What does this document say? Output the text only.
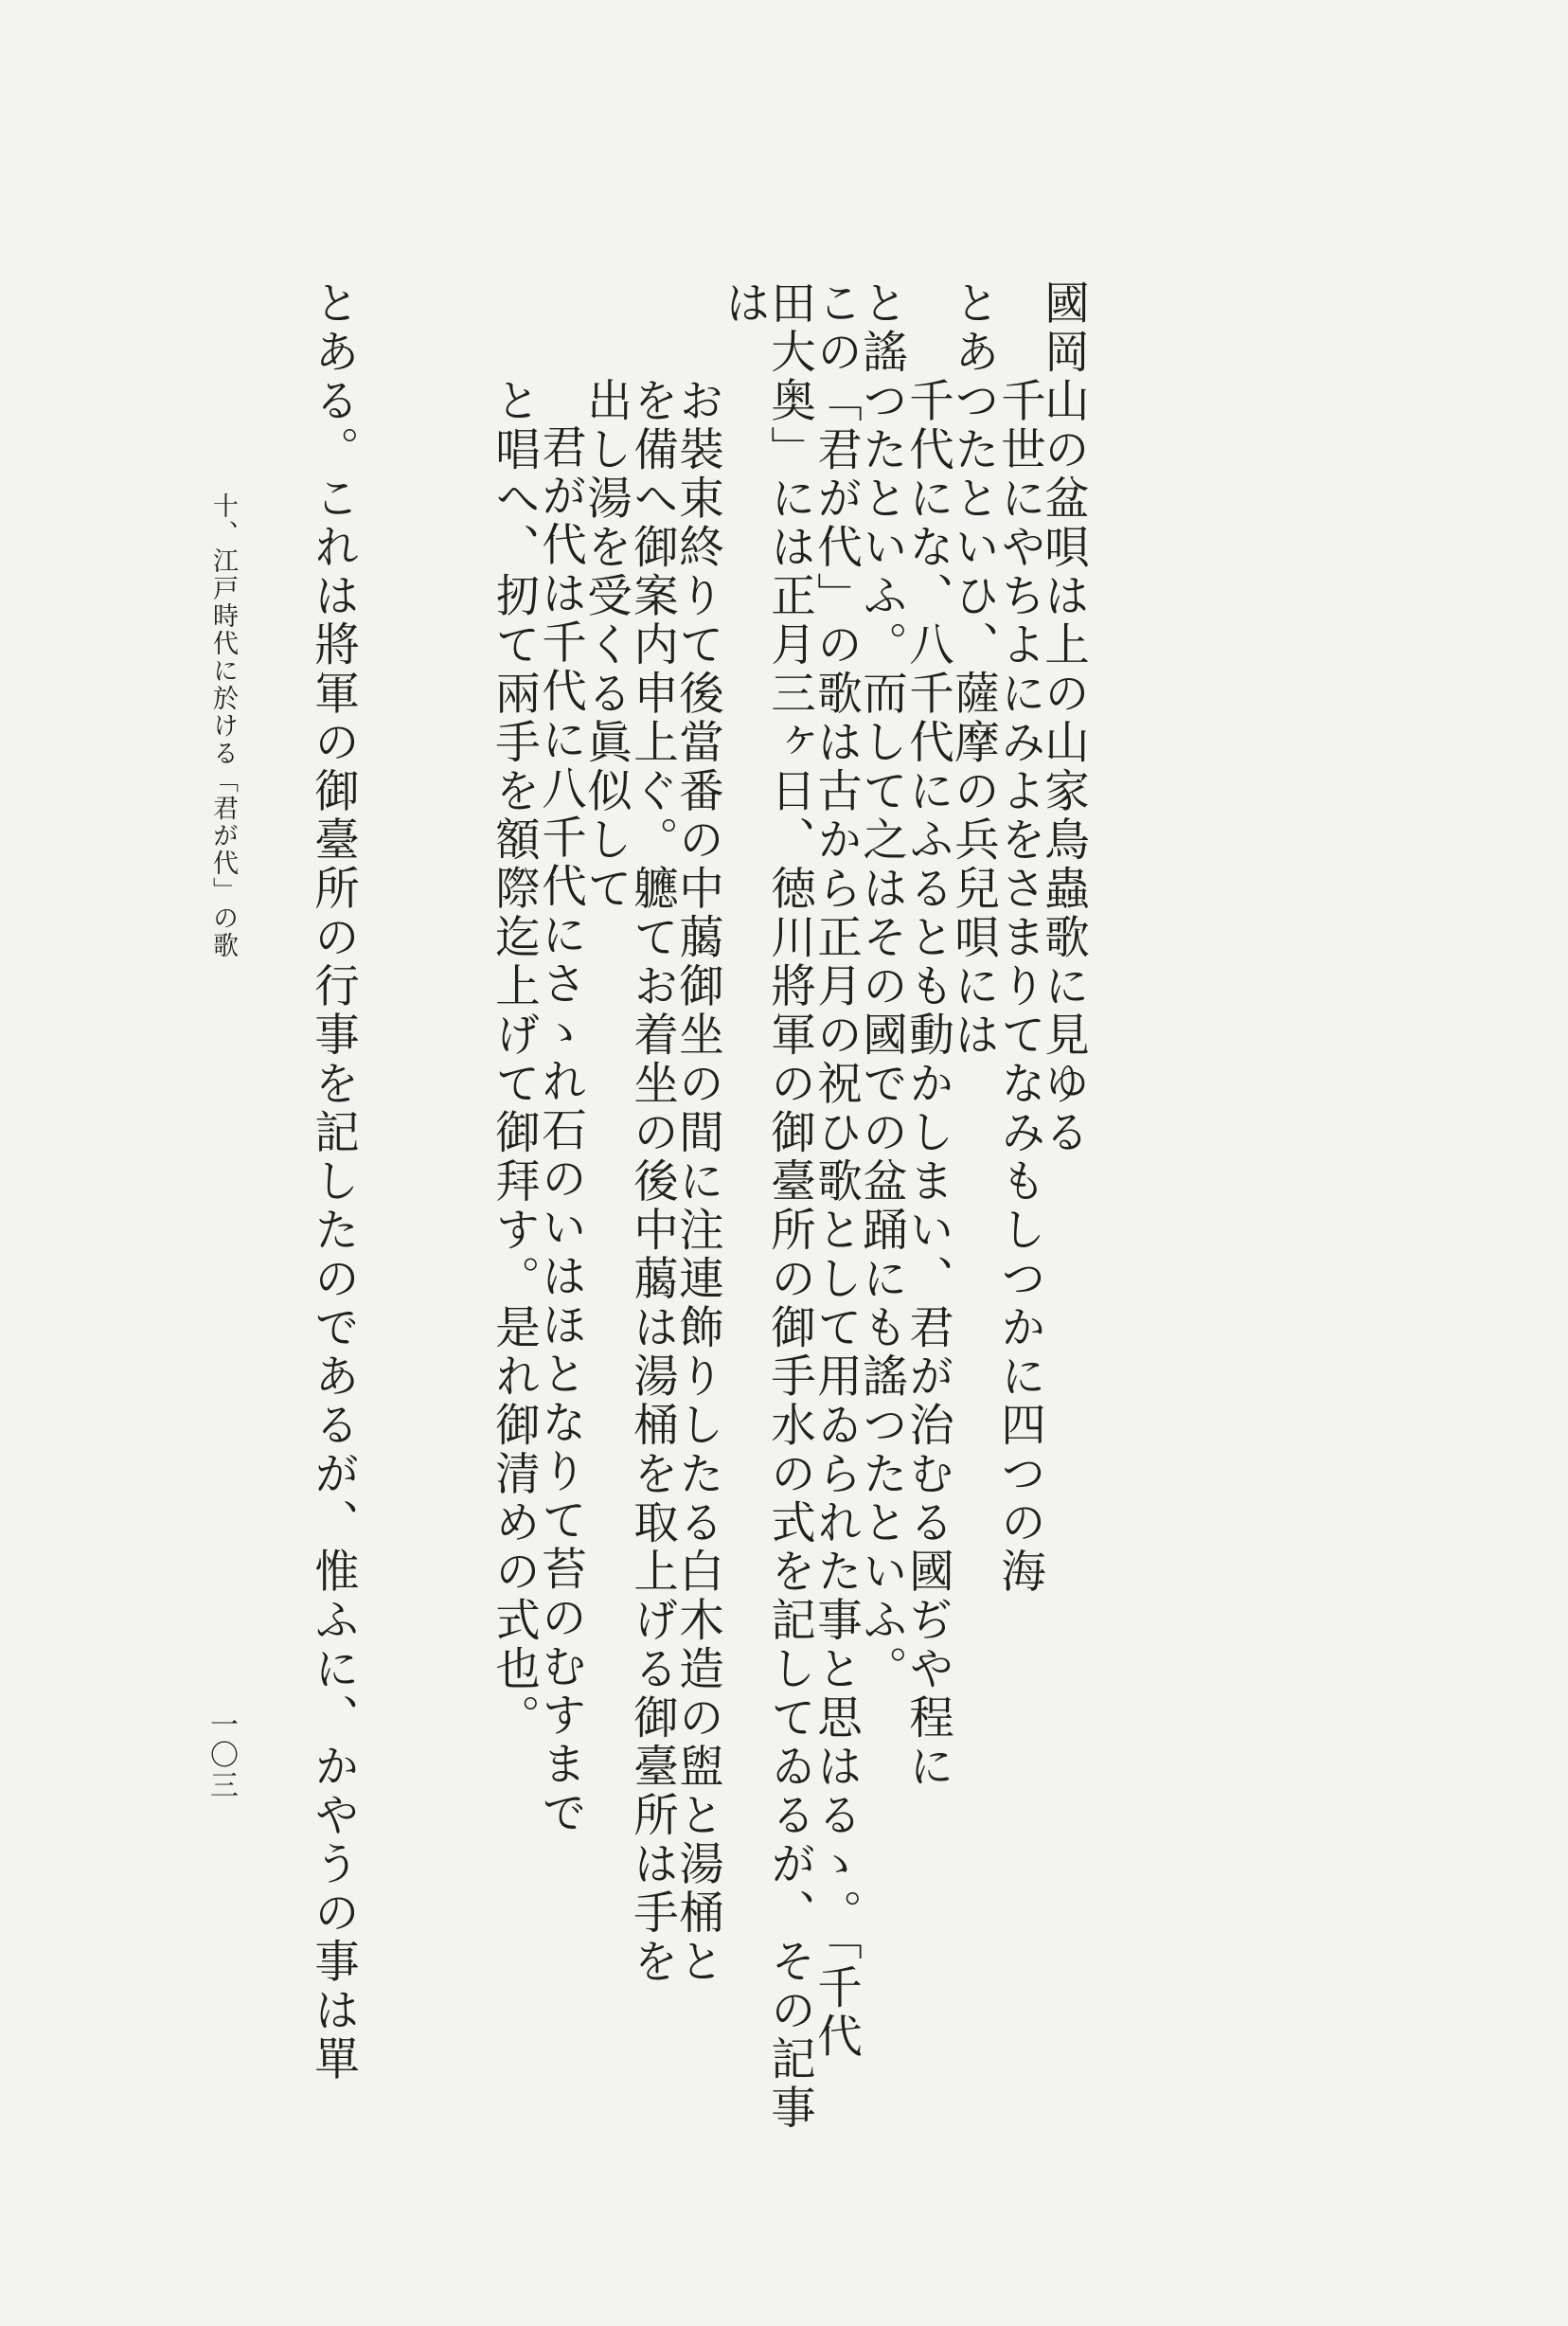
國岡山の盆唄は上の山家鳥蟲歌に見ゆる
千世にやちよにみよをさまりてなみもしつかに四つの海
とあつたといひ、薩摩の兵兒唄には
千代にな、八千代にふるとも動かしまい、君が治むる國ぢや程に
と謠つたといふ。而して之はその國での盆踊にも謠つたといふ。
この「君が代」の歌は古から正月の祝ひ歌として用ゐられた事と思はるゝ。「千代
田大奥」には正月三ヶ日、徳川將軍の御臺所の御手水の式を記してゐるが、その記事
は
お裝束終りて後當番の中﨟御坐の間に注連飾りしたる白木造の盥と湯桶と
を備へ御案内申上ぐ。軈てお着坐の後中﨟は湯桶を取上げる御臺所は手を
出し湯を受くる眞似して
君が代は千代に八千代にさゝれ石のいはほとなりて苔のむすまで
と唱へ、扨て兩手を額際迄上げて御拜す。是れ御清めの式也。
とある。これは將軍の御臺所の行事を記したのであるが、惟ふに、かやうの事は單
十、江戸時代に於ける「君が代」の歌
一〇三
